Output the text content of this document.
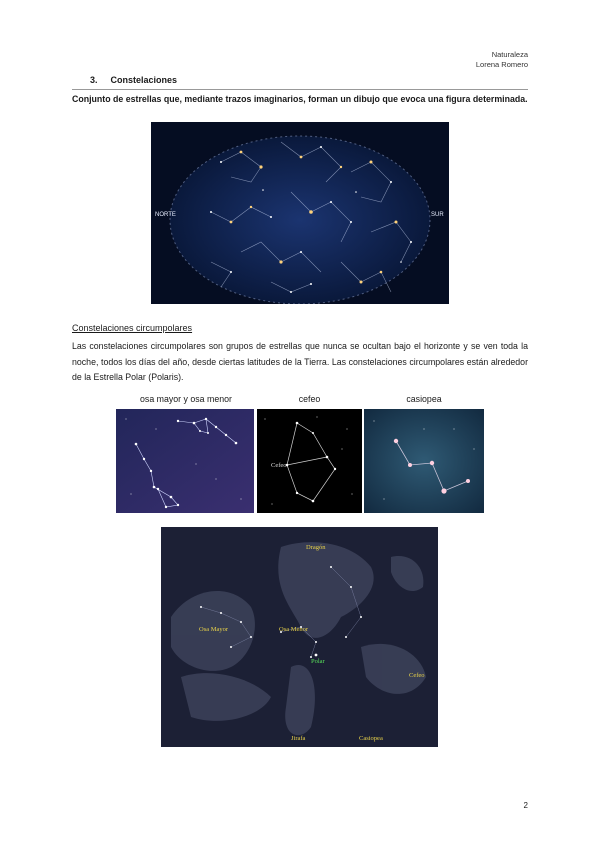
Naturaleza
Lorena Romero
3. Constelaciones
Conjunto de estrellas que, mediante trazos imaginarios, forman un dibujo que evoca una figura determinada.
NORTE	SUR
Constelaciones circumpolares
Las constelaciones circumpolares son grupos de estrellas que nunca se ocultan bajo el horizonte y se ven toda la noche, todos los días del año, desde ciertas latitudes de la Tierra. Las constelaciones circumpolares están alrededor de la Estrella Polar (Polaris).
osa mayor y osa menor	cefeo	casiopea
Cefeo
Dragón
Osa Mayor	Osa Menor
Polar
Cefeo
Jirafa	Casiopea
2
